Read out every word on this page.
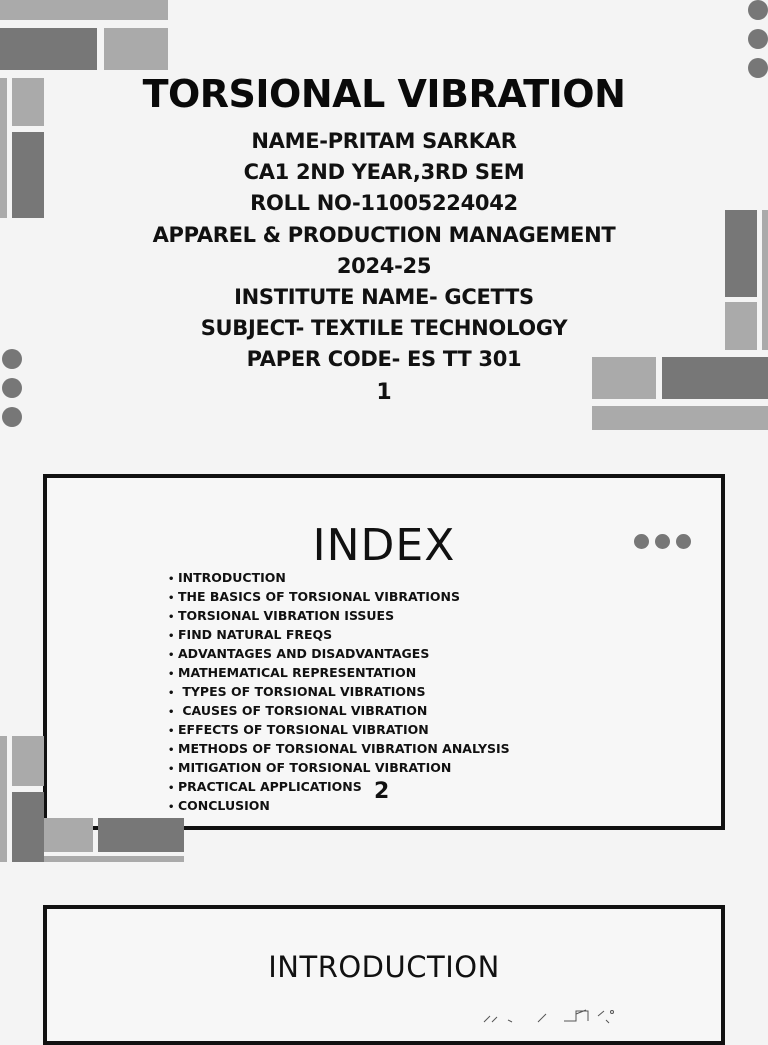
TORSIONAL VIBRATION
NAME-PRITAM SARKAR
CA1 2ND YEAR,3RD SEM
ROLL NO-11005224042
APPAREL & PRODUCTION MANAGEMENT
2024-25
INSTITUTE NAME- GCETTS
SUBJECT- TEXTILE TECHNOLOGY
PAPER CODE- ES TT 301
1
INDEX
• INTRODUCTION
• THE BASICS OF TORSIONAL VIBRATIONS
• TORSIONAL VIBRATION ISSUES
• FIND NATURAL FREQS
• ADVANTAGES AND DISADVANTAGES
• MATHEMATICAL REPRESENTATION
• TYPES OF TORSIONAL VIBRATIONS
• CAUSES OF TORSIONAL VIBRATION
• EFFECTS OF TORSIONAL VIBRATION
• METHODS OF TORSIONAL VIBRATION ANALYSIS
• MITIGATION OF TORSIONAL VIBRATION
• PRACTICAL APPLICATIONS
• CONCLUSION
2
INTRODUCTION
